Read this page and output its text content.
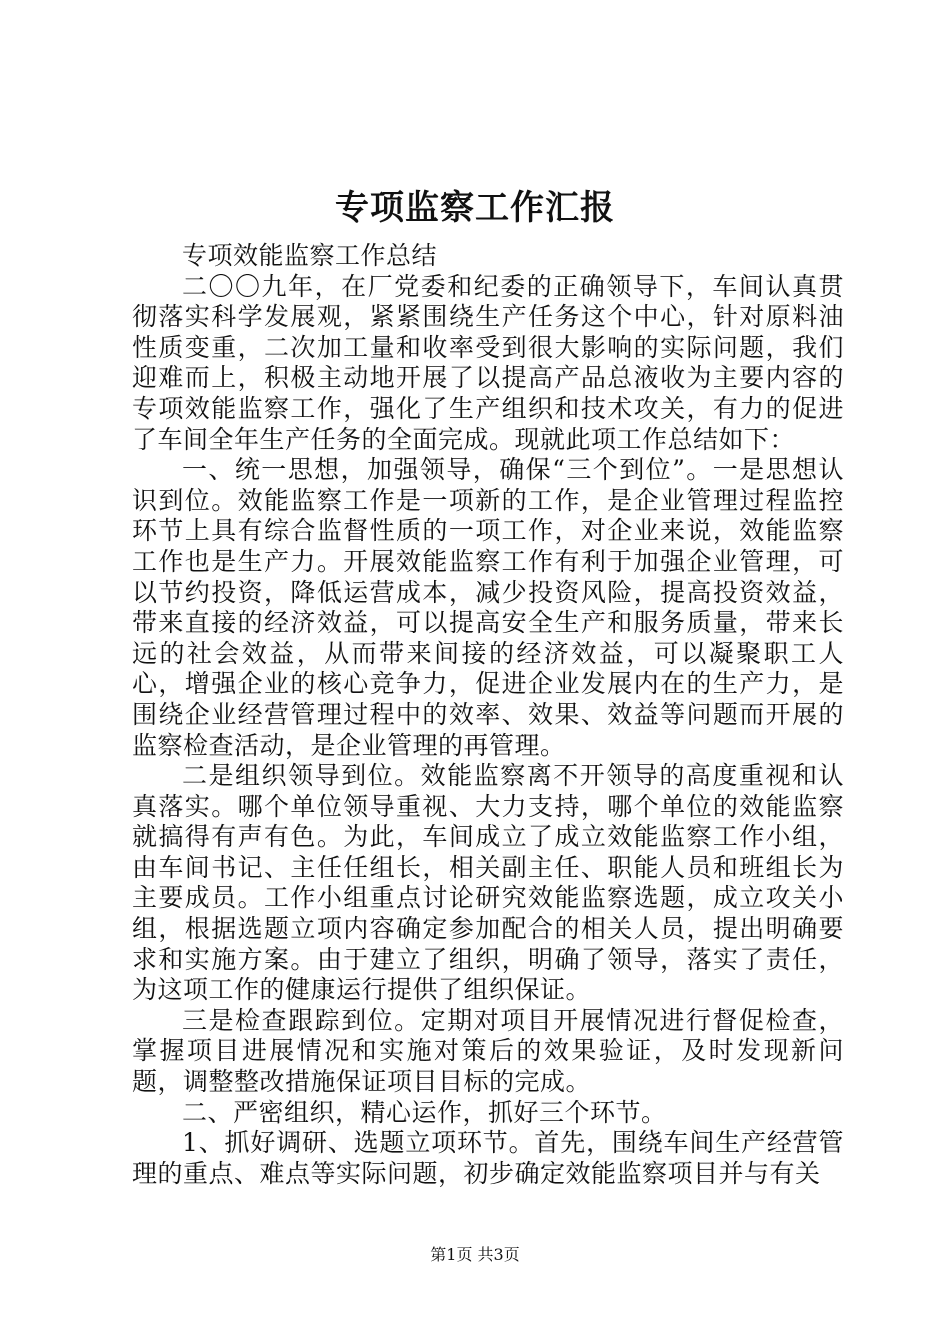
专项监察工作汇报

专项效能监察工作总结

二〇〇九年，在厂党委和纪委的正确领导下，车间认真贯彻落实科学发展观，紧紧围绕生产任务这个中心，针对原料油性质变重，二次加工量和收率受到很大影响的实际问题，我们迎难而上，积极主动地开展了以提高产品总液收为主要内容的专项效能监察工作，强化了生产组织和技术攻关，有力的促进了车间全年生产任务的全面完成。现就此项工作总结如下：

一、统一思想，加强领导，确保“三个到位”。一是思想认识到位。效能监察工作是一项新的工作，是企业管理过程监控环节上具有综合监督性质的一项工作，对企业来说，效能监察工作也是生产力。开展效能监察工作有利于加强企业管理，可以节约投资，降低运营成本，减少投资风险，提高投资效益，带来直接的经济效益，可以提高安全生产和服务质量，带来长远的社会效益，从而带来间接的经济效益，可以凝聚职工人心，增强企业的核心竞争力，促进企业发展内在的生产力，是围绕企业经营管理过程中的效率、效果、效益等问题而开展的监察检查活动，是企业管理的再管理。

二是组织领导到位。效能监察离不开领导的高度重视和认真落实。哪个单位领导重视、大力支持，哪个单位的效能监察就搞得有声有色。为此，车间成立了成立效能监察工作小组，由车间书记、主任任组长，相关副主任、职能人员和班组长为主要成员。工作小组重点讨论研究效能监察选题，成立攻关小组，根据选题立项内容确定参加配合的相关人员，提出明确要求和实施方案。由于建立了组织，明确了领导，落实了责任，为这项工作的健康运行提供了组织保证。

三是检查跟踪到位。定期对项目开展情况进行督促检查，掌握项目进展情况和实施对策后的效果验证，及时发现新问题，调整整改措施保证项目目标的完成。

二、严密组织，精心运作，抓好三个环节。

1、抓好调研、选题立项环节。首先，围绕车间生产经营管理的重点、难点等实际问题，初步确定效能监察项目并与有关

第1页 共3页
